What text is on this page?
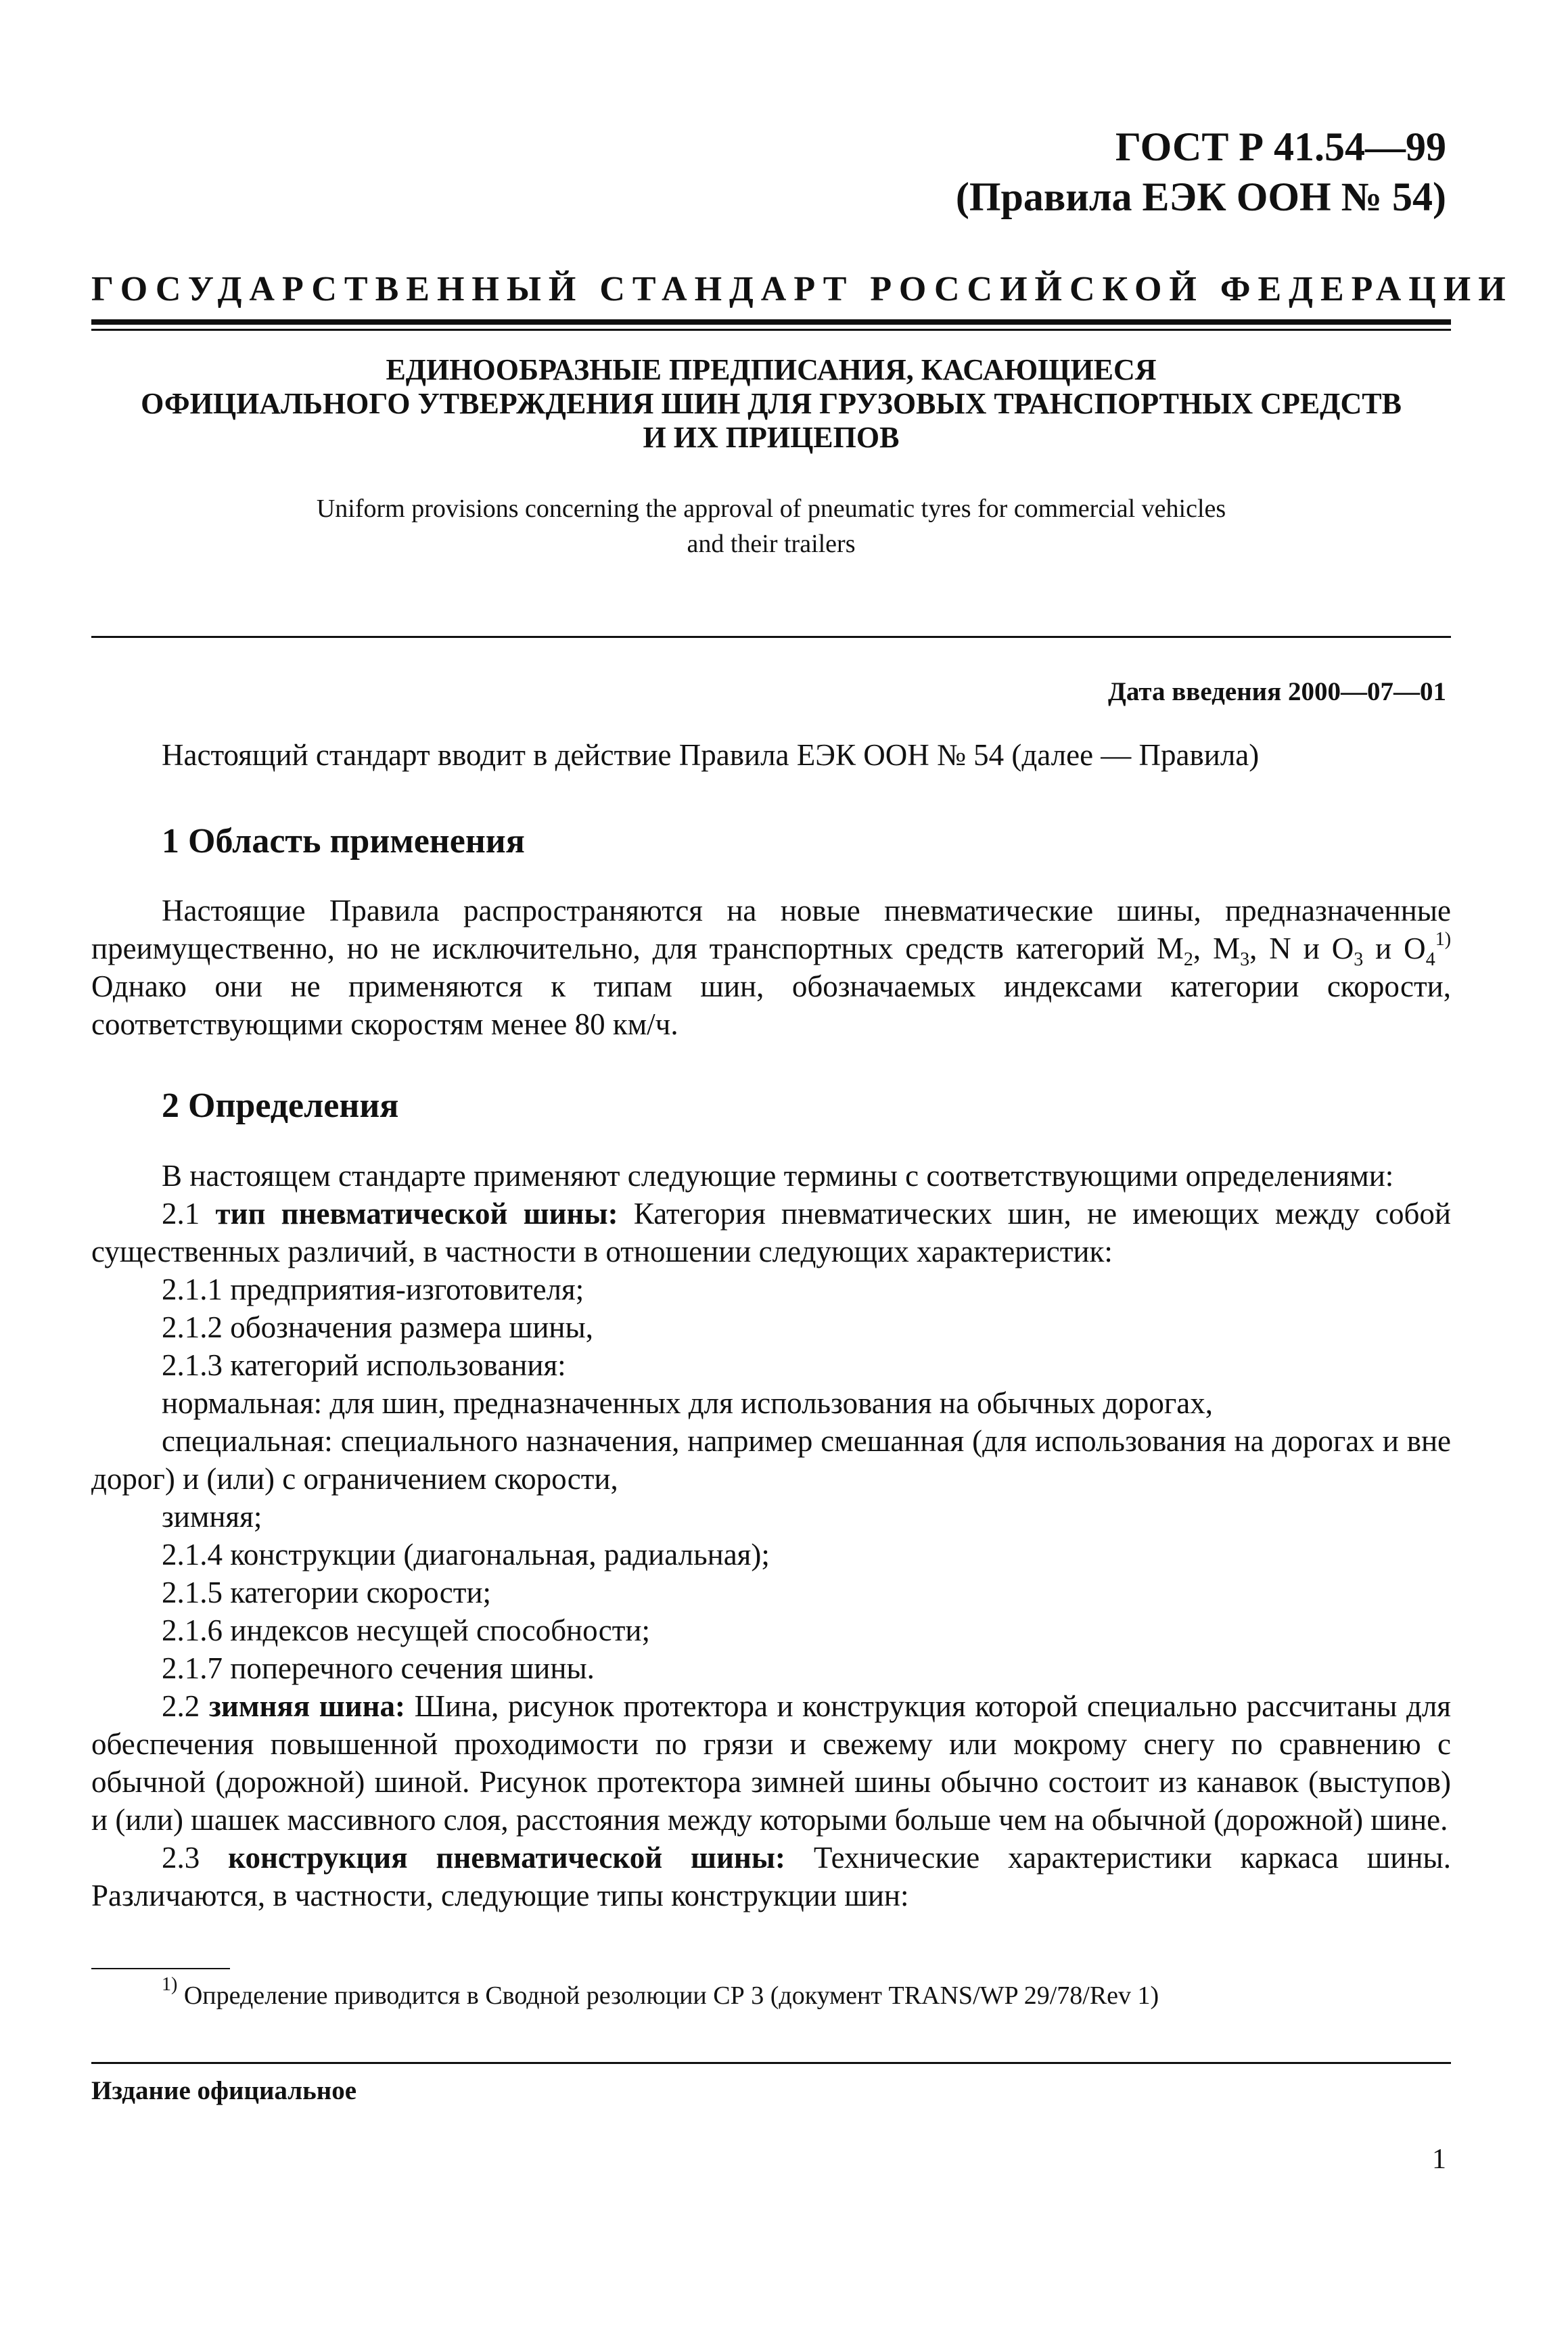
ГОСТ Р 41.54—99
(Правила ЕЭК ООН № 54)
ГОСУДАРСТВЕННЫЙ СТАНДАРТ РОССИЙСКОЙ ФЕДЕРАЦИИ
ЕДИНООБРАЗНЫЕ ПРЕДПИСАНИЯ, КАСАЮЩИЕСЯ
ОФИЦИАЛЬНОГО УТВЕРЖДЕНИЯ ШИН ДЛЯ ГРУЗОВЫХ ТРАНСПОРТНЫХ СРЕДСТВ
И ИХ ПРИЦЕПОВ
Uniform provisions concerning the approval of pneumatic tyres for commercial vehicles
and their trailers
Дата введения 2000—07—01

Настоящий стандарт вводит в действие Правила ЕЭК ООН № 54 (далее — Правила)

1 Область применения

Настоящие Правила распространяются на новые пневматические шины, предназначенные преимущественно, но не исключительно, для транспортных средств категорий $M_2$, $M_3$, N и $O_3$ и $O_4^{1)}$ Однако они не применяются к типам шин, обозначаемых индексами категории скорости, соответствующими скоростям менее 80 км/ч.

2 Определения

В настоящем стандарте применяют следующие термины с соответствующими определениями:

2.1 тип пневматической шины: Категория пневматических шин, не имеющих между собой существенных различий, в частности в отношении следующих характеристик:

2.1.1 предприятия-изготовителя;

2.1.2 обозначения размера шины,

2.1.3 категорий использования:

нормальная: для шин, предназначенных для использования на обычных дорогах,

специальная: специального назначения, например смешанная (для использования на дорогах и вне дорог) и (или) с ограничением скорости,

зимняя;

2.1.4 конструкции (диагональная, радиальная);

2.1.5 категории скорости;

2.1.6 индексов несущей способности;

2.1.7 поперечного сечения шины.

2.2 зимняя шина: Шина, рисунок протектора и конструкция которой специально рассчитаны для обеспечения повышенной проходимости по грязи и свежему или мокрому снегу по сравнению с обычной (дорожной) шиной. Рисунок протектора зимней шины обычно состоит из канавок (выступов) и (или) шашек массивного слоя, расстояния между которыми больше чем на обычной (дорожной) шине.

2.3 конструкция пневматической шины: Технические характеристики каркаса шины. Различаются, в частности, следующие типы конструкции шин:

$^{1)}$ Определение приводится в Сводной резолюции СР 3 (документ TRANS/WP 29/78/Rev 1)
Издание официальное
1
